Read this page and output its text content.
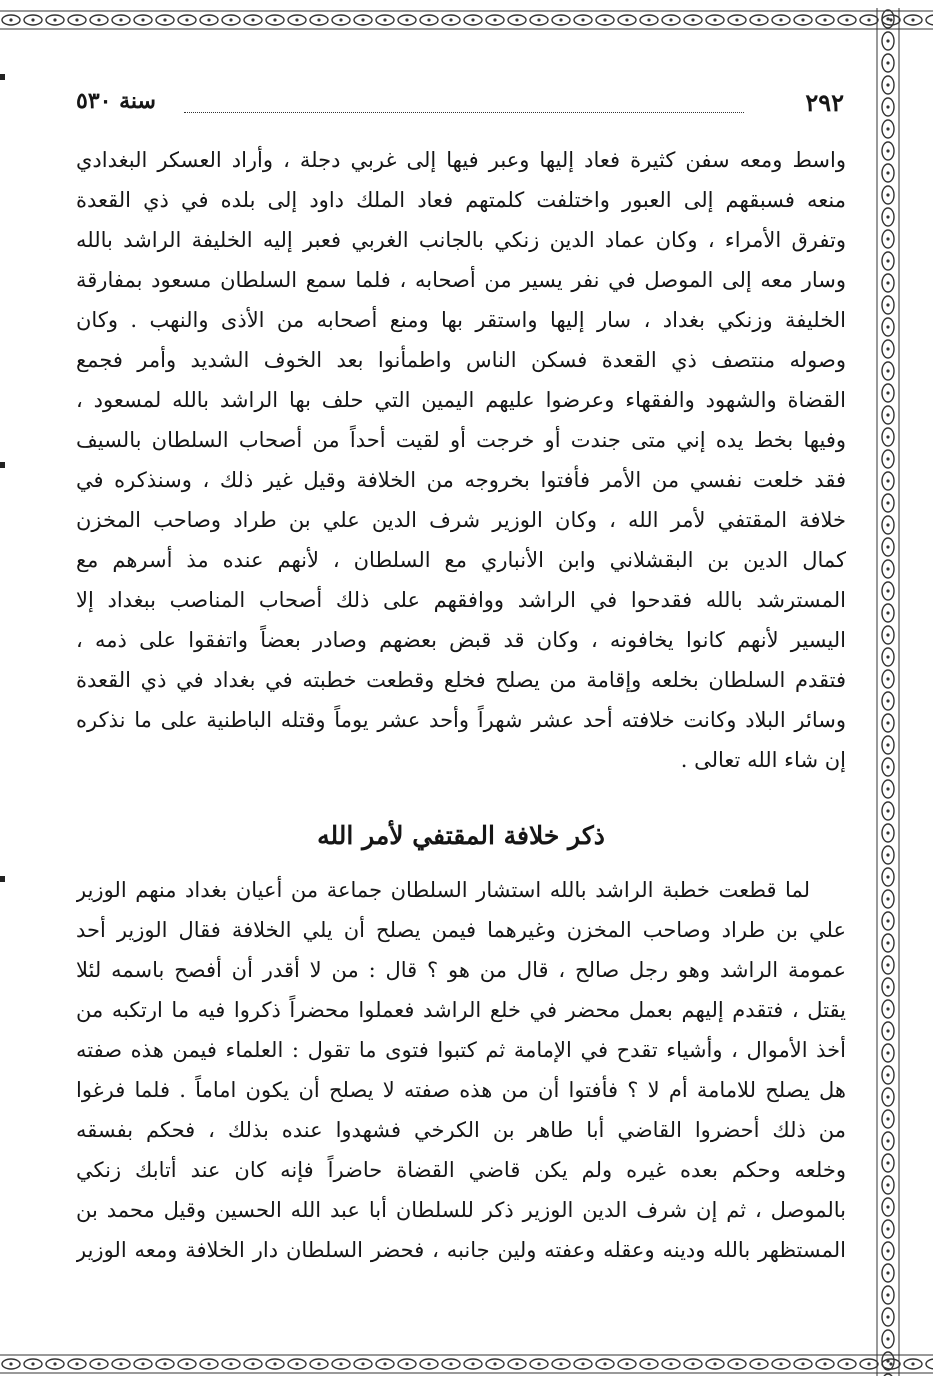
٢٩٢
سنة ٥٣٠
واسط ومعه سفن كثيرة فعاد إليها وعبر فيها إلى غربي دجلة ، وأراد العسكر البغدادي
منعه فسبقهم إلى العبور واختلفت كلمتهم فعاد الملك داود إلى بلده في ذي القعدة
وتفرق الأمراء ، وكان عماد الدين زنكي بالجانب الغربي فعبر إليه الخليفة الراشد بالله
وسار معه إلى الموصل في نفر يسير من أصحابه ، فلما سمع السلطان مسعود بمفارقة
الخليفة وزنكي بغداد ، سار إليها واستقر بها ومنع أصحابه من الأذى والنهب . وكان
وصوله منتصف ذي القعدة فسكن الناس واطمأنوا بعد الخوف الشديد وأمر فجمع
القضاة والشهود والفقهاء وعرضوا عليهم اليمين التي حلف بها الراشد بالله لمسعود ،
وفيها بخط يده إني متى جندت أو خرجت أو لقيت أحداً من أصحاب السلطان بالسيف
فقد خلعت نفسي من الأمر فأفتوا بخروجه من الخلافة وقيل غير ذلك ، وسنذكره في
خلافة المقتفي لأمر الله ، وكان الوزير شرف الدين علي بن طراد وصاحب المخزن
كمال الدين بن البقشلاني وابن الأنباري مع السلطان ، لأنهم عنده مذ أسرهم مع
المسترشد بالله فقدحوا في الراشد ووافقهم على ذلك أصحاب المناصب ببغداد إلا
اليسير لأنهم كانوا يخافونه ، وكان قد قبض بعضهم وصادر بعضاً واتفقوا على ذمه ،
فتقدم السلطان بخلعه وإقامة من يصلح فخلع وقطعت خطبته في بغداد في ذي القعدة
وسائر البلاد وكانت خلافته أحد عشر شهراً وأحد عشر يوماً وقتله الباطنية على ما نذكره
إن شاء الله تعالى .
ذكر خلافة المقتفي لأمر الله
لما قطعت خطبة الراشد بالله استشار السلطان جماعة من أعيان بغداد منهم الوزير
علي بن طراد وصاحب المخزن وغيرهما فيمن يصلح أن يلي الخلافة فقال الوزير أحد
عمومة الراشد وهو رجل صالح ، قال من هو ؟ قال : من لا أقدر أن أفصح باسمه لئلا
يقتل ، فتقدم إليهم بعمل محضر في خلع الراشد فعملوا محضراً ذكروا فيه ما ارتكبه من
أخذ الأموال ، وأشياء تقدح في الإمامة ثم كتبوا فتوى ما تقول : العلماء فيمن هذه صفته
هل يصلح للامامة أم لا ؟ فأفتوا أن من هذه صفته لا يصلح أن يكون اماماً . فلما فرغوا
من ذلك أحضروا القاضي أبا طاهر بن الكرخي فشهدوا عنده بذلك ، فحكم بفسقه
وخلعه وحكم بعده غيره ولم يكن قاضي القضاة حاضراً فإنه كان عند أتابك زنكي
بالموصل ، ثم إن شرف الدين الوزير ذكر للسلطان أبا عبد الله الحسين وقيل محمد بن
المستظهر بالله ودينه وعقله وعفته ولين جانبه ، فحضر السلطان دار الخلافة ومعه الوزير
